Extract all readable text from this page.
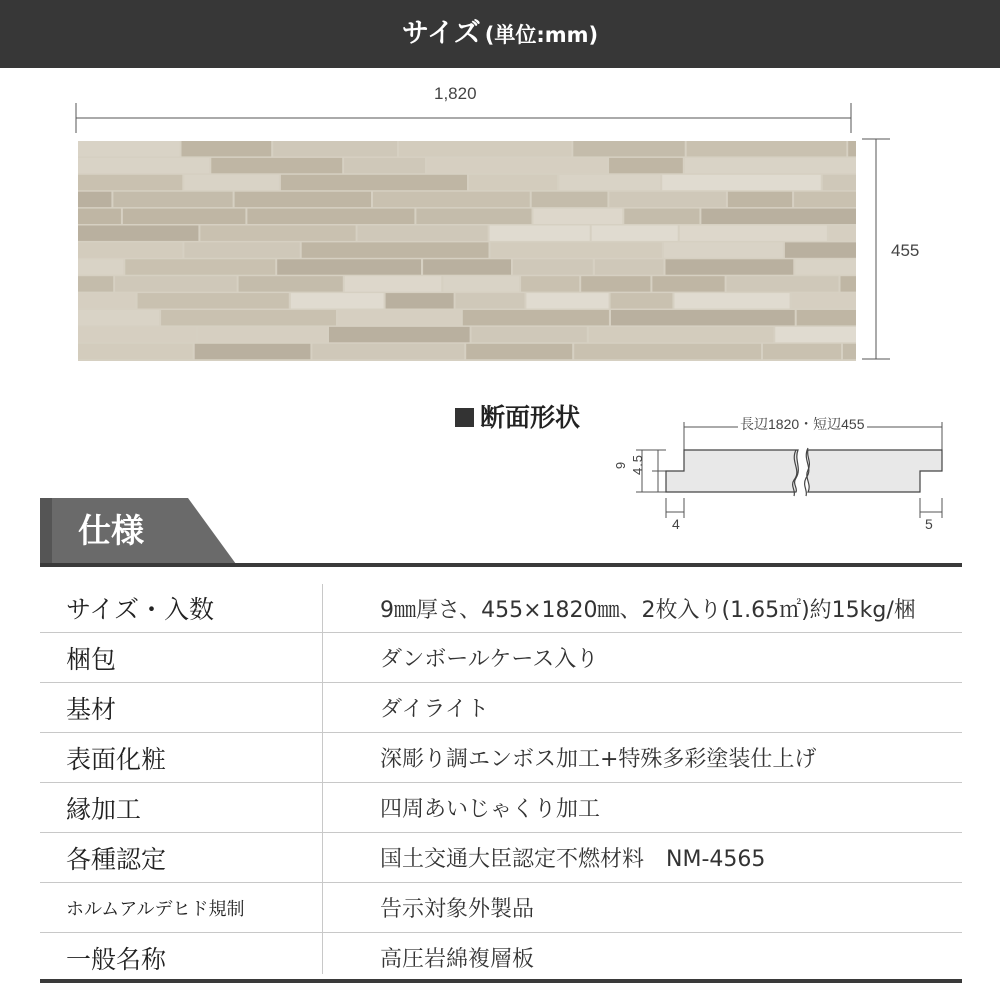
サイズ (単位:mm)
1,820
455
断面形状	長辺1820・短辺455
9 4.5
4	5
仕様
サイズ・入数	9㎜厚さ、455×1820㎜、2枚入り(1.65㎡)約15kg/梱
梱包	ダンボールケース入り
基材	ダイライト
表面化粧	深彫り調エンボス加工+特殊多彩塗装仕上げ
縁加工	四周あいじゃくり加工
各種認定	国土交通大臣認定不燃材料　NM-4565
ホルムアルデヒド規制	告示対象外製品
一般名称	高圧岩綿複層板
